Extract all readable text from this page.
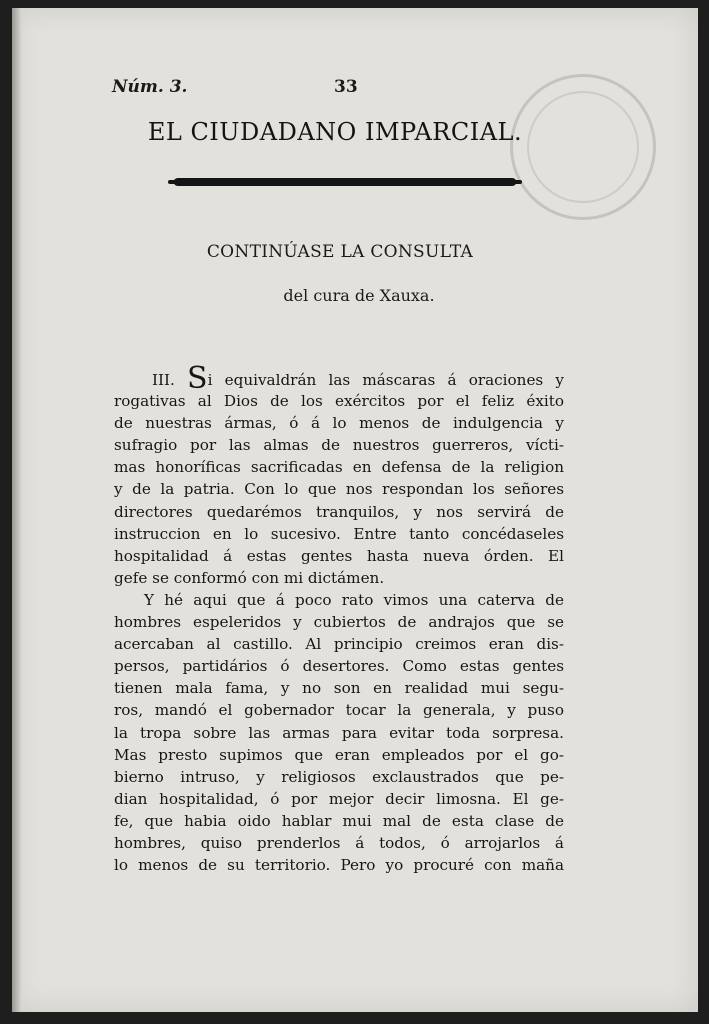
Núm. 3.	33
EL CIUDADANO IMPARCIAL.
CONTINÚASE LA CONSULTA
del cura de Xauxa.
III. Si equivaldrán las máscaras á oraciones y
rogativas al Dios de los exércitos por el feliz éxito
de nuestras ármas, ó á lo menos de indulgencia y
sufragio por las almas de nuestros guerreros, vícti-
mas honoríficas sacrificadas en defensa de la religion
y de la patria. Con lo que nos respondan los señores
directores quedarémos tranquilos, y nos servirá de
instruccion en lo sucesivo. Entre tanto concédaseles
hospitalidad á estas gentes hasta nueva órden. El
gefe se conformó con mi dictámen.
Y hé aqui que á poco rato vimos una caterva de
hombres espeleridos y cubiertos de andrajos que se
acercaban al castillo. Al principio creimos eran dis-
persos, partidários ó desertores. Como estas gentes
tienen mala fama, y no son en realidad mui segu-
ros, mandó el gobernador tocar la generala, y puso
la tropa sobre las armas para evitar toda sorpresa.
Mas presto supimos que eran empleados por el go-
bierno intruso, y religiosos exclaustrados que pe-
dian hospitalidad, ó por mejor decir limosna. El ge-
fe, que habia oido hablar mui mal de esta clase de
hombres, quiso prenderlos á todos, ó arrojarlos á
lo menos de su territorio. Pero yo procuré con maña
